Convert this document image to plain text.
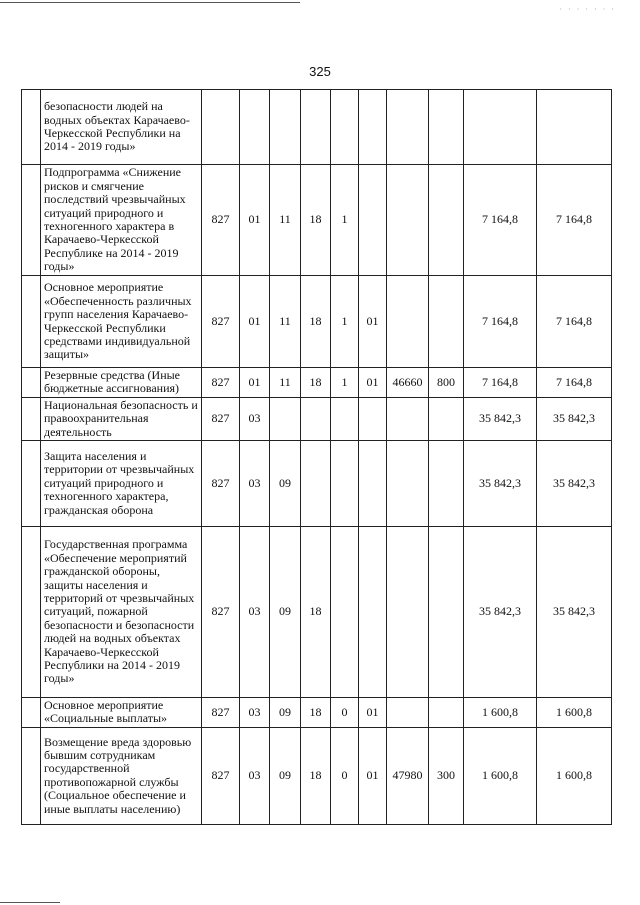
· · · · · · ·
325
	безопасности людей на водных объектах Карачаево-Черкесской Республики на 2014 - 2019 годы»										
	Подпрограмма «Снижение рисков и смягчение последствий чрезвычайных ситуаций природного и техногенного характера в Карачаево-Черкесской Республике на 2014 - 2019 годы»	827	01	11	18	1				7 164,8	7 164,8
	Основное мероприятие «Обеспеченность различных групп населения Карачаево-Черкесской Республики средствами индивидуальной защиты»	827	01	11	18	1	01			7 164,8	7 164,8
	Резервные средства (Иные бюджетные ассигнования)	827	01	11	18	1	01	46660	800	7 164,8	7 164,8
	Национальная безопасность и правоохранительная деятельность	827	03							35 842,3	35 842,3
	Защита населения и территории от чрезвычайных ситуаций природного и техногенного характера, гражданская оборона	827	03	09						35 842,3	35 842,3
	Государственная программа «Обеспечение мероприятий гражданской обороны, защиты населения и территорий от чрезвычайных ситуаций, пожарной безопасности и безопасности людей на водных объектах Карачаево-Черкесской Республики на 2014 - 2019 годы»	827	03	09	18					35 842,3	35 842,3
	Основное мероприятие «Социальные выплаты»	827	03	09	18	0	01			1 600,8	1 600,8
	Возмещение вреда здоровью бывшим сотрудникам государственной противопожарной службы (Социальное обеспечение и иные выплаты населению)	827	03	09	18	0	01	47980	300	1 600,8	1 600,8
